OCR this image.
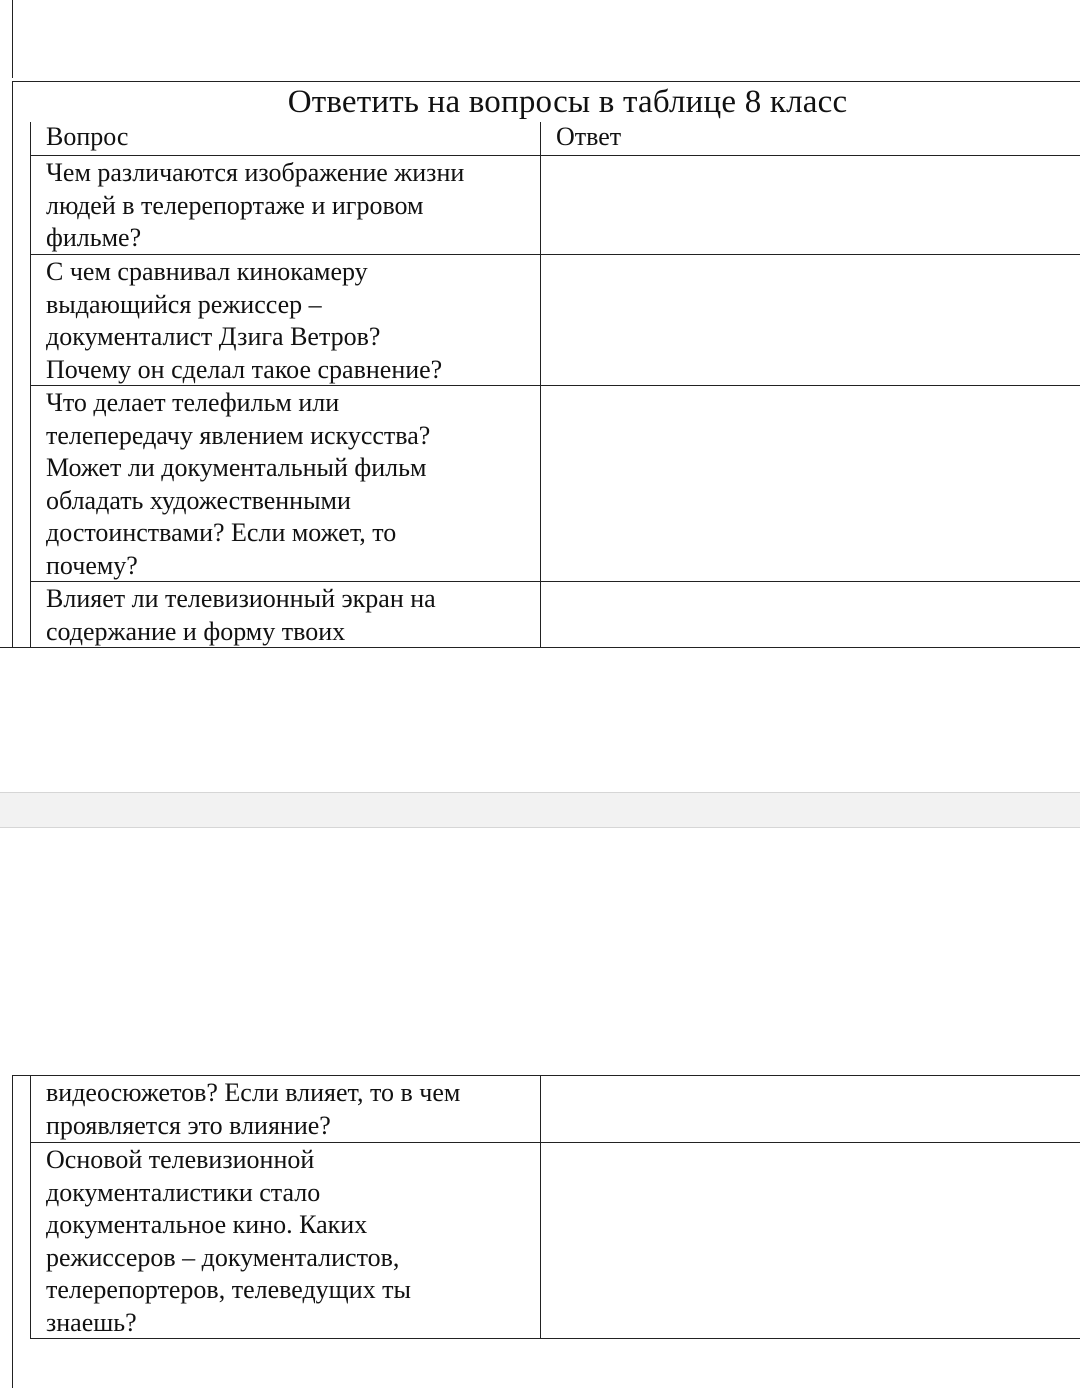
Ответить на вопросы в таблице 8 класс
Вопрос	Ответ
Чем различаются изображение жизни
людей в телерепортаже и игровом
фильме?
С чем сравнивал кинокамеру
выдающийся режиссер –
документалист Дзига Ветров?
Почему он сделал такое сравнение?
Что делает телефильм или
телепередачу явлением искусства?
Может ли документальный фильм
обладать художественными
достоинствами? Если может, то
почему?
Влияет ли телевизионный экран на
содержание и форму твоих
видеосюжетов? Если влияет, то в чем
проявляется это влияние?
Основой телевизионной
документалистики стало
документальное кино. Каких
режиссеров – документалистов,
телерепортеров, телеведущих ты
знаешь?
